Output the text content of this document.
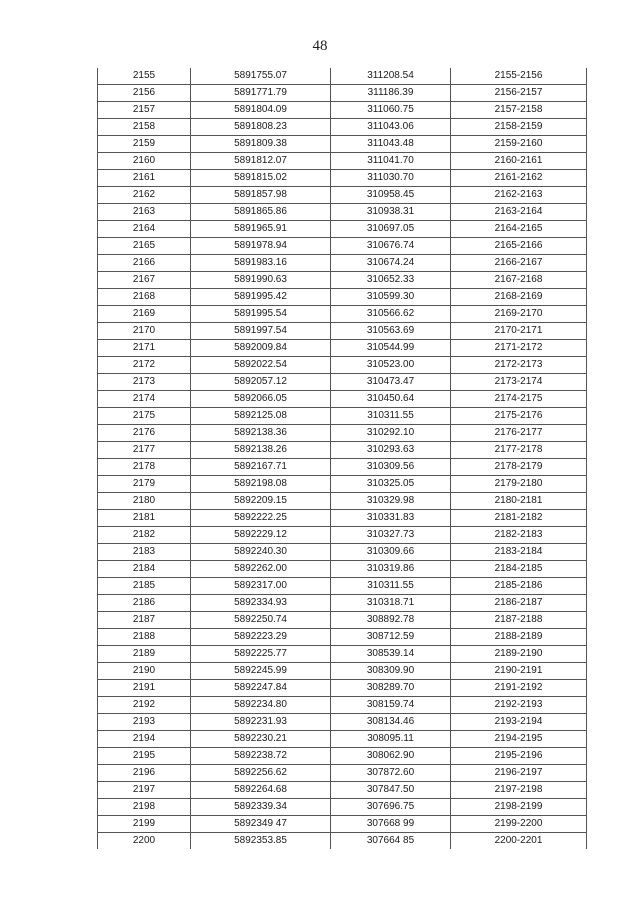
48

2155	5891755.07	311208.54	2155-2156
2156	5891771.79	311186.39	2156-2157
2157	5891804.09	311060.75	2157-2158
2158	5891808.23	311043.06	2158-2159
2159	5891809.38	311043.48	2159-2160
2160	5891812.07	311041.70	2160-2161
2161	5891815.02	311030.70	2161-2162
2162	5891857.98	310958.45	2162-2163
2163	5891865.86	310938.31	2163-2164
2164	5891965.91	310697.05	2164-2165
2165	5891978.94	310676.74	2165-2166
2166	5891983.16	310674.24	2166-2167
2167	5891990.63	310652.33	2167-2168
2168	5891995.42	310599.30	2168-2169
2169	5891995.54	310566.62	2169-2170
2170	5891997.54	310563.69	2170-2171
2171	5892009.84	310544.99	2171-2172
2172	5892022.54	310523.00	2172-2173
2173	5892057.12	310473.47	2173-2174
2174	5892066.05	310450.64	2174-2175
2175	5892125.08	310311.55	2175-2176
2176	5892138.36	310292.10	2176-2177
2177	5892138.26	310293.63	2177-2178
2178	5892167.71	310309.56	2178-2179
2179	5892198.08	310325.05	2179-2180
2180	5892209.15	310329.98	2180-2181
2181	5892222.25	310331.83	2181-2182
2182	5892229.12	310327.73	2182-2183
2183	5892240.30	310309.66	2183-2184
2184	5892262.00	310319.86	2184-2185
2185	5892317.00	310311.55	2185-2186
2186	5892334.93	310318.71	2186-2187
2187	5892250.74	308892.78	2187-2188
2188	5892223.29	308712.59	2188-2189
2189	5892225.77	308539.14	2189-2190
2190	5892245.99	308309.90	2190-2191
2191	5892247.84	308289.70	2191-2192
2192	5892234.80	308159.74	2192-2193
2193	5892231.93	308134.46	2193-2194
2194	5892230.21	308095.11	2194-2195
2195	5892238.72	308062.90	2195-2196
2196	5892256.62	307872.60	2196-2197
2197	5892264.68	307847.50	2197-2198
2198	5892339.34	307696.75	2198-2199
2199	5892349 47	307668 99	2199-2200
2200	5892353.85	307664 85	2200-2201
